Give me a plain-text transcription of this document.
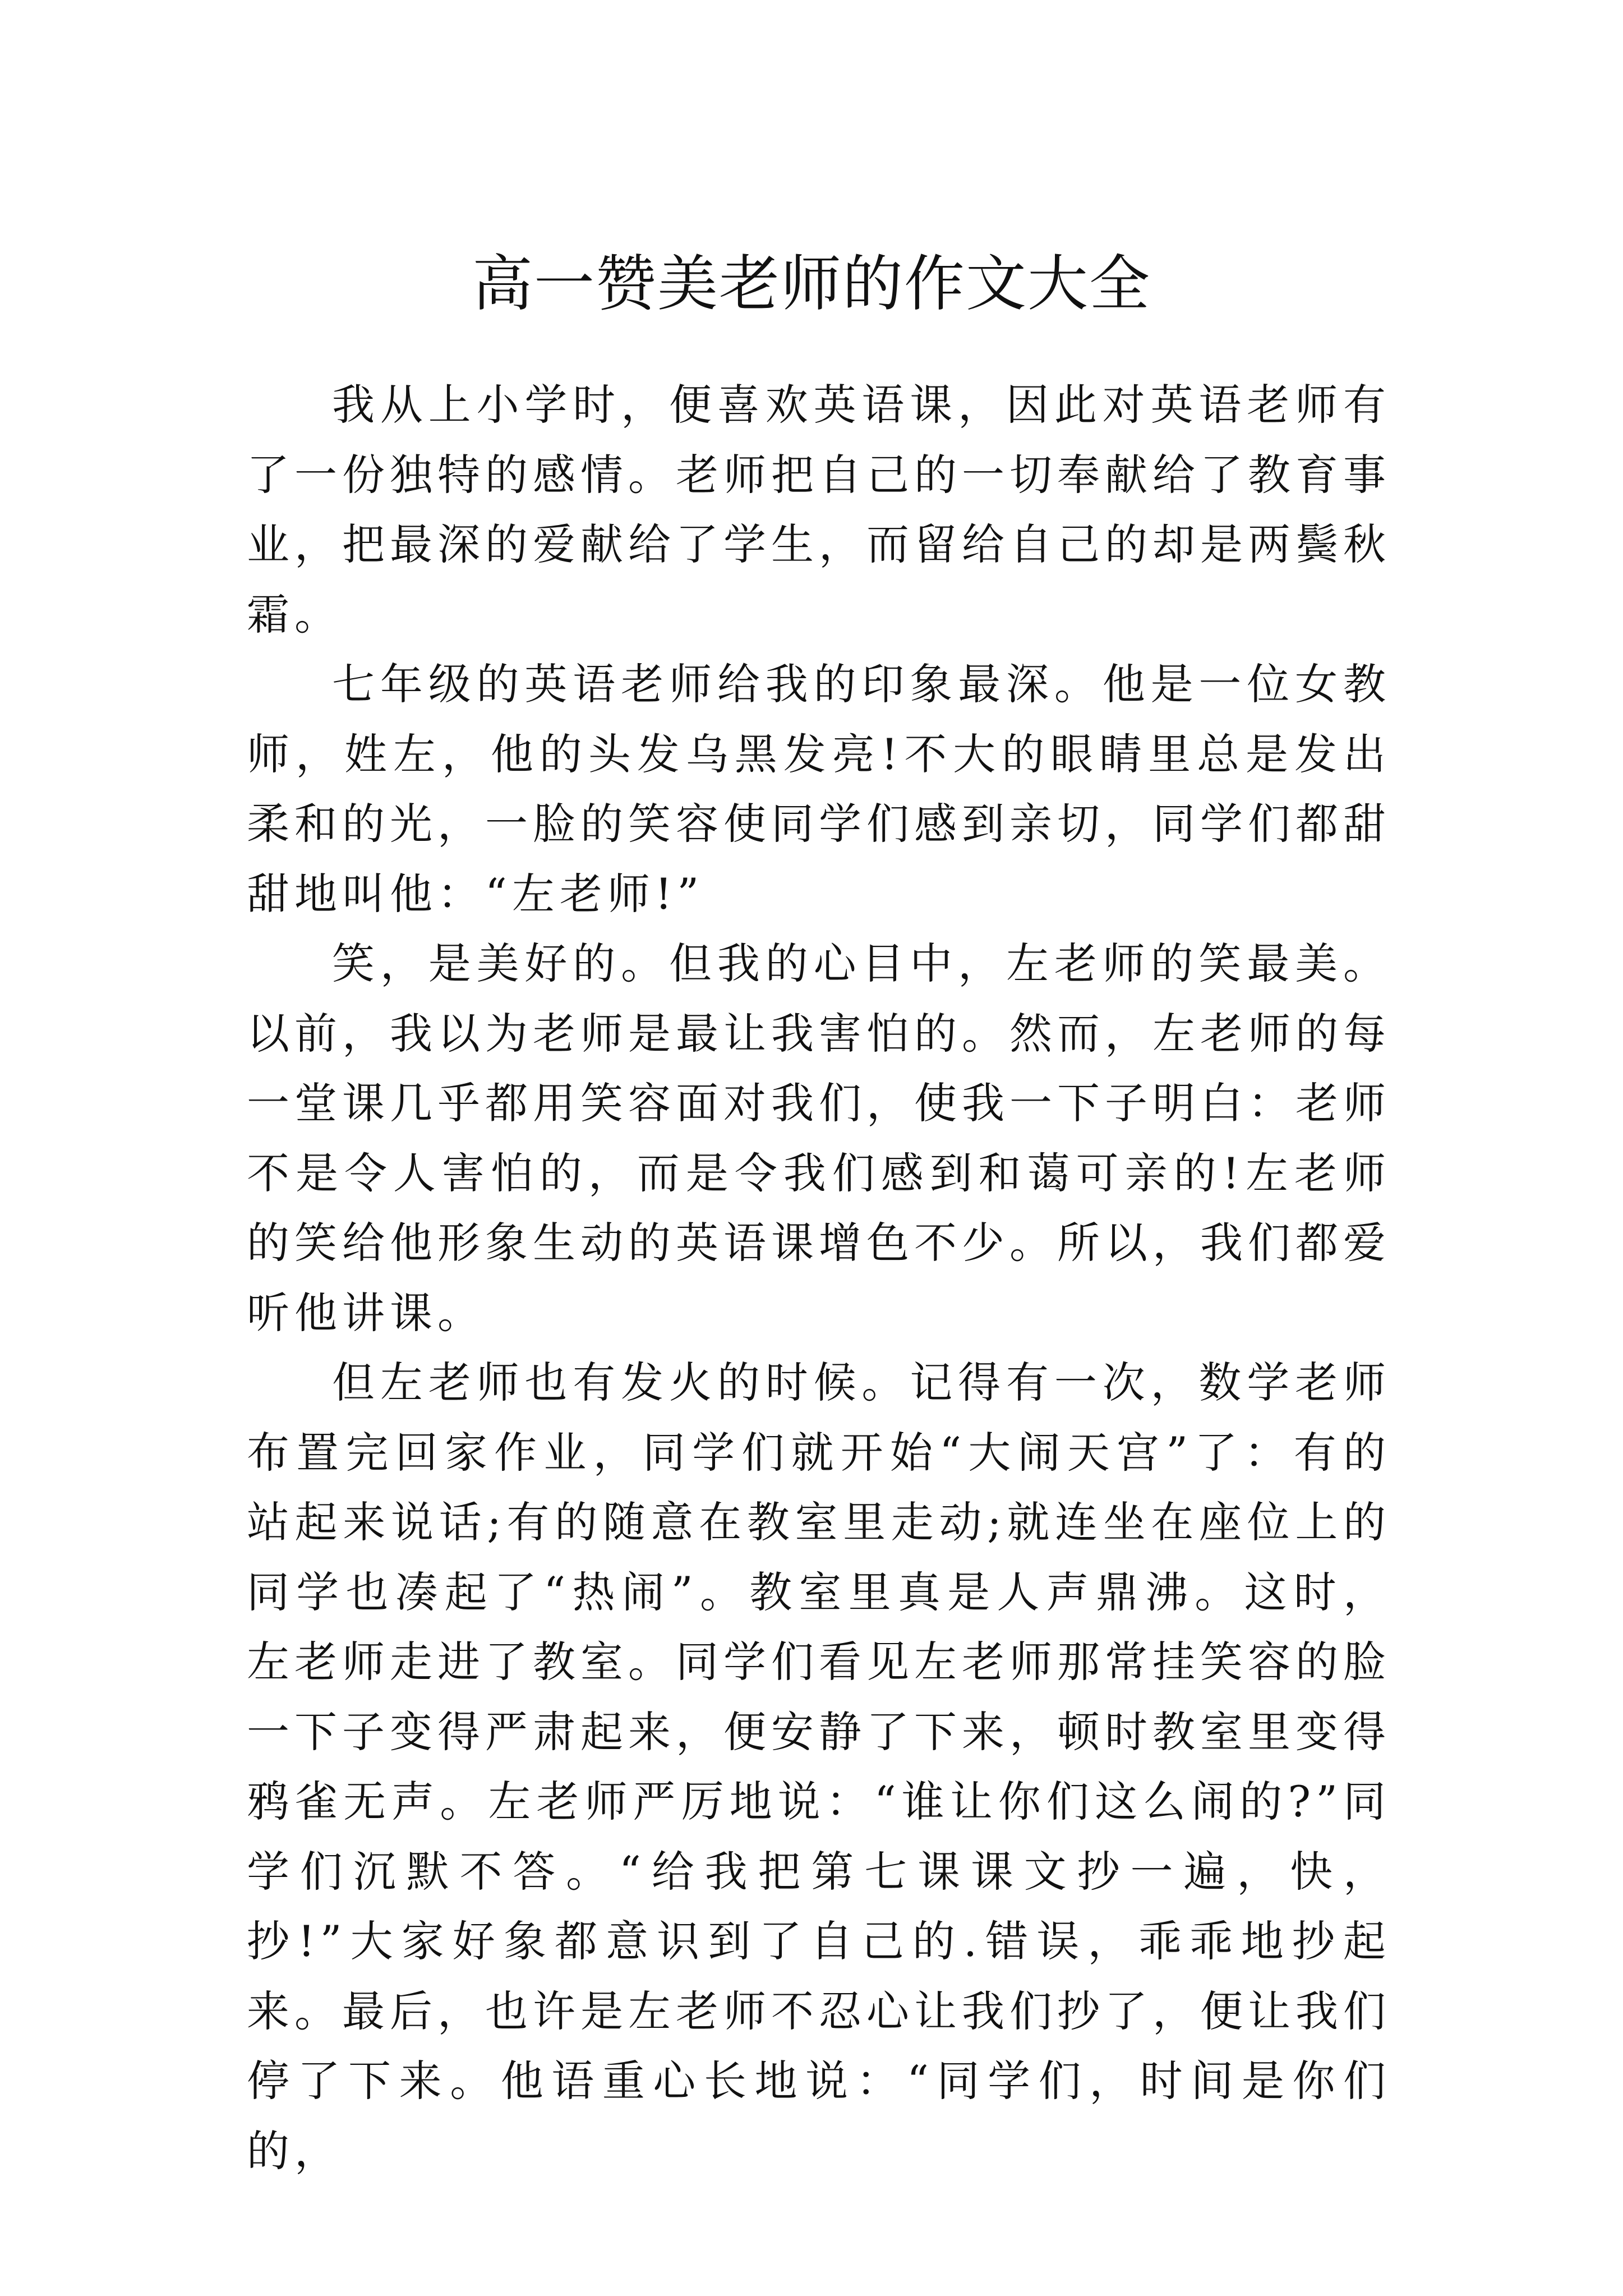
高一赞美老师的作文大全

我从上小学时，便喜欢英语课，因此对英语老师有了一份独特的感情。老师把自己的一切奉献给了教育事业，把最深的爱献给了学生，而留给自己的却是两鬓秋霜。

七年级的英语老师给我的印象最深。他是一位女教师，姓左，他的头发乌黑发亮!不大的眼睛里总是发出柔和的光，一脸的笑容使同学们感到亲切，同学们都甜甜地叫他：“左老师!”

笑，是美好的。但我的心目中，左老师的笑最美。以前，我以为老师是最让我害怕的。然而，左老师的每一堂课几乎都用笑容面对我们，使我一下子明白：老师不是令人害怕的，而是令我们感到和蔼可亲的!左老师的笑给他形象生动的英语课增色不少。所以，我们都爱听他讲课。

但左老师也有发火的时候。记得有一次，数学老师布置完回家作业，同学们就开始“大闹天宫”了：有的站起来说话;有的随意在教室里走动;就连坐在座位上的同学也凑起了“热闹”。教室里真是人声鼎沸。这时，左老师走进了教室。同学们看见左老师那常挂笑容的脸一下子变得严肃起来，便安静了下来，顿时教室里变得鸦雀无声。左老师严厉地说：“谁让你们这么闹的?”同学们沉默不答。“给我把第七课课文抄一遍，快，抄!”大家好象都意识到了自己的.错误，乖乖地抄起来。最后，也许是左老师不忍心让我们抄了，便让我们停了下来。他语重心长地说：“同学们，时间是你们的，
